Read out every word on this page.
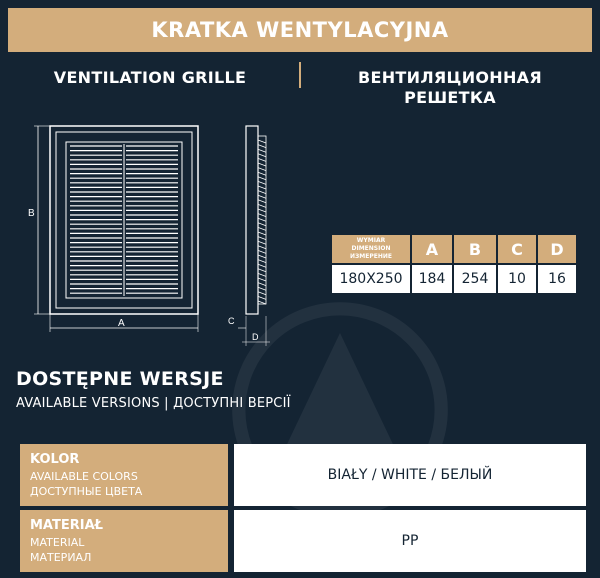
KRATKA WENTYLACYJNA
VENTILATION GRILLE	ВЕНТИЛЯЦИОННАЯ
РЕШЕТКА
B
A	C
D
WYMIAR
DIMENSION
ИЗМЕРЕНИЕ	A	B	C	D
180X250	184	254	10	16
DOSTĘPNE WERSJE
AVAILABLE VERSIONS | ДОСТУПНІ ВЕРСІЇ
KOLOR
AVAILABLE COLORS
ДОСТУПНЫЕ ЦВЕТА	BIAŁY / WHITE / БЕЛЫЙ

MATERIAŁ
MATERIAL
МАТЕРИАЛ	PP
